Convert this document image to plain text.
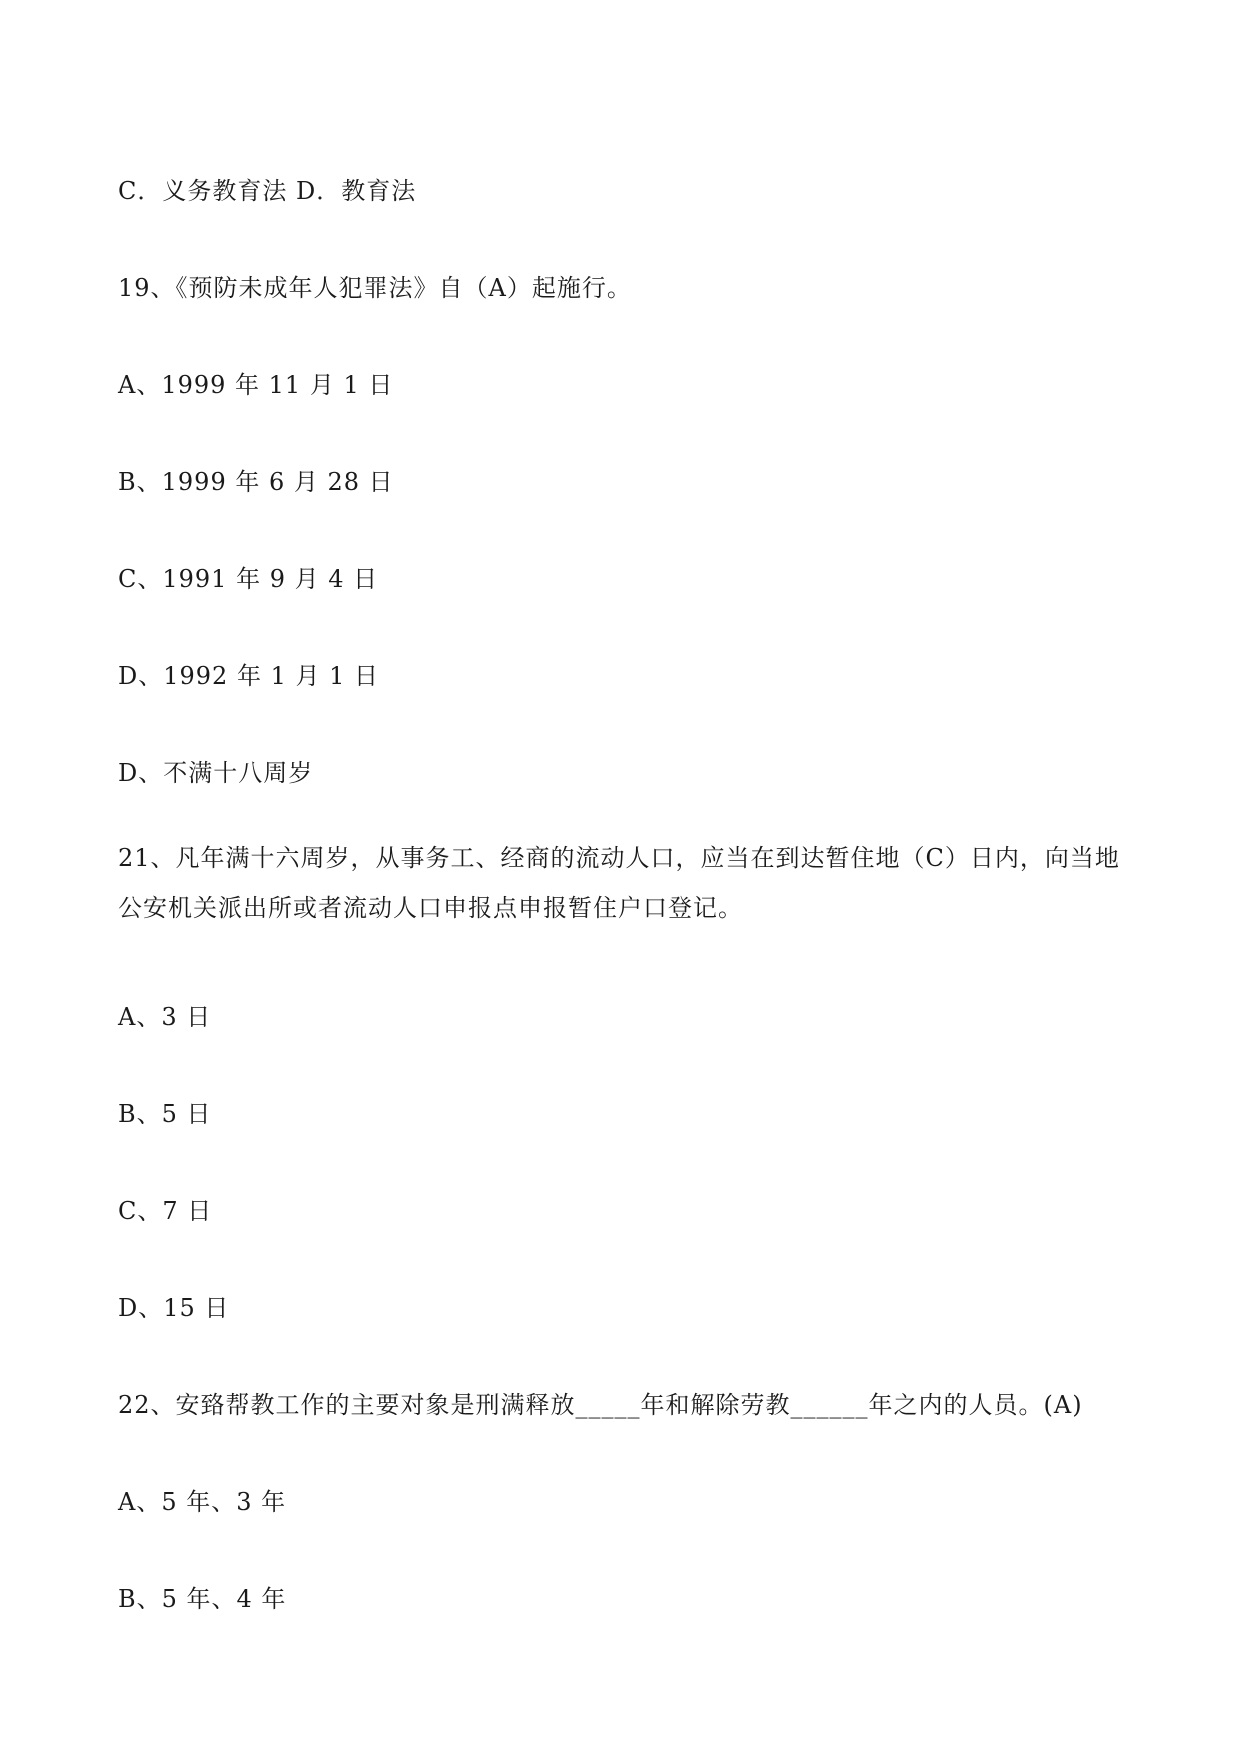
C．义务教育法 D．教育法
19、《预防未成年人犯罪法》自（A）起施行。
A、1999 年 11 月 1 日
B、1999 年 6 月 28 日
C、1991 年 9 月 4 日
D、1992 年 1 月 1 日
D、不满十八周岁
21、凡年满十六周岁，从事务工、经商的流动人口，应当在到达暂住地（C）日内，向当地公安机关派出所或者流动人口申报点申报暂住户口登记。
A、3 日
B、5 日
C、7 日
D、15 日
22、安臵帮教工作的主要对象是刑满释放_____年和解除劳教______年之内的人员。(A)
A、5 年、3 年
B、5 年、4 年
